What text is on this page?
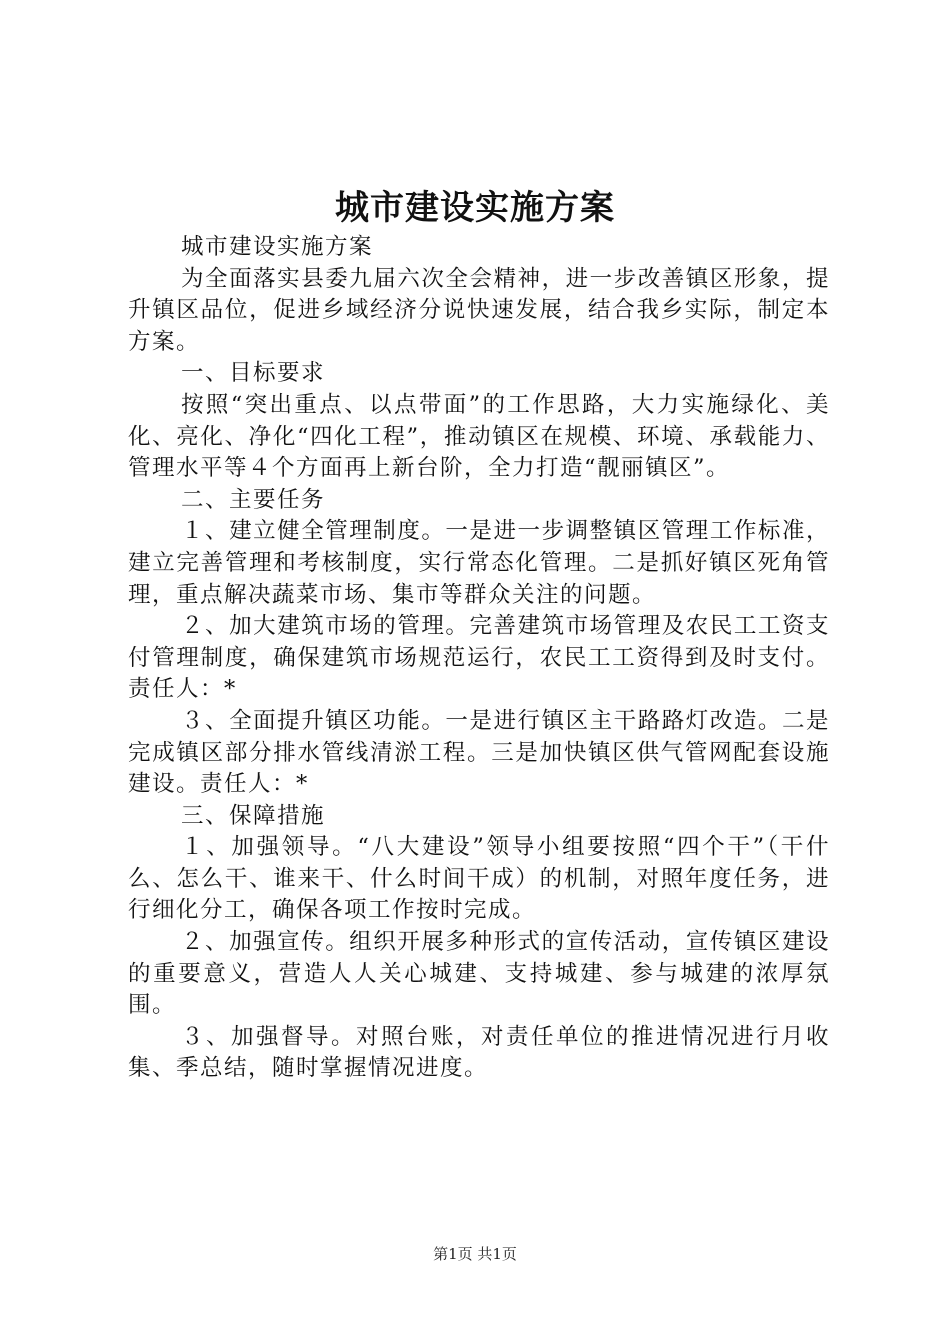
城市建设实施方案

城市建设实施方案

为全面落实县委九届六次全会精神，进一步改善镇区形象，提升镇区品位，促进乡域经济分说快速发展，结合我乡实际，制定本方案。

一、目标要求

按照“突出重点、以点带面”的工作思路，大力实施绿化、美化、亮化、净化“四化工程”，推动镇区在规模、环境、承载能力、管理水平等４个方面再上新台阶，全力打造“靓丽镇区”。

二、主要任务

１、建立健全管理制度。一是进一步调整镇区管理工作标准，建立完善管理和考核制度，实行常态化管理。二是抓好镇区死角管理，重点解决蔬菜市场、集市等群众关注的问题。

２、加大建筑市场的管理。完善建筑市场管理及农民工工资支付管理制度，确保建筑市场规范运行，农民工工资得到及时支付。责任人：*

３、全面提升镇区功能。一是进行镇区主干路路灯改造。二是完成镇区部分排水管线清淤工程。三是加快镇区供气管网配套设施建设。责任人：*

三、保障措施

１、加强领导。“八大建设”领导小组要按照“四个干”（干什么、怎么干、谁来干、什么时间干成）的机制，对照年度任务，进行细化分工，确保各项工作按时完成。

２、加强宣传。组织开展多种形式的宣传活动，宣传镇区建设的重要意义，营造人人关心城建、支持城建、参与城建的浓厚氛围。

３、加强督导。对照台账，对责任单位的推进情况进行月收集、季总结，随时掌握情况进度。

第1页 共1页
